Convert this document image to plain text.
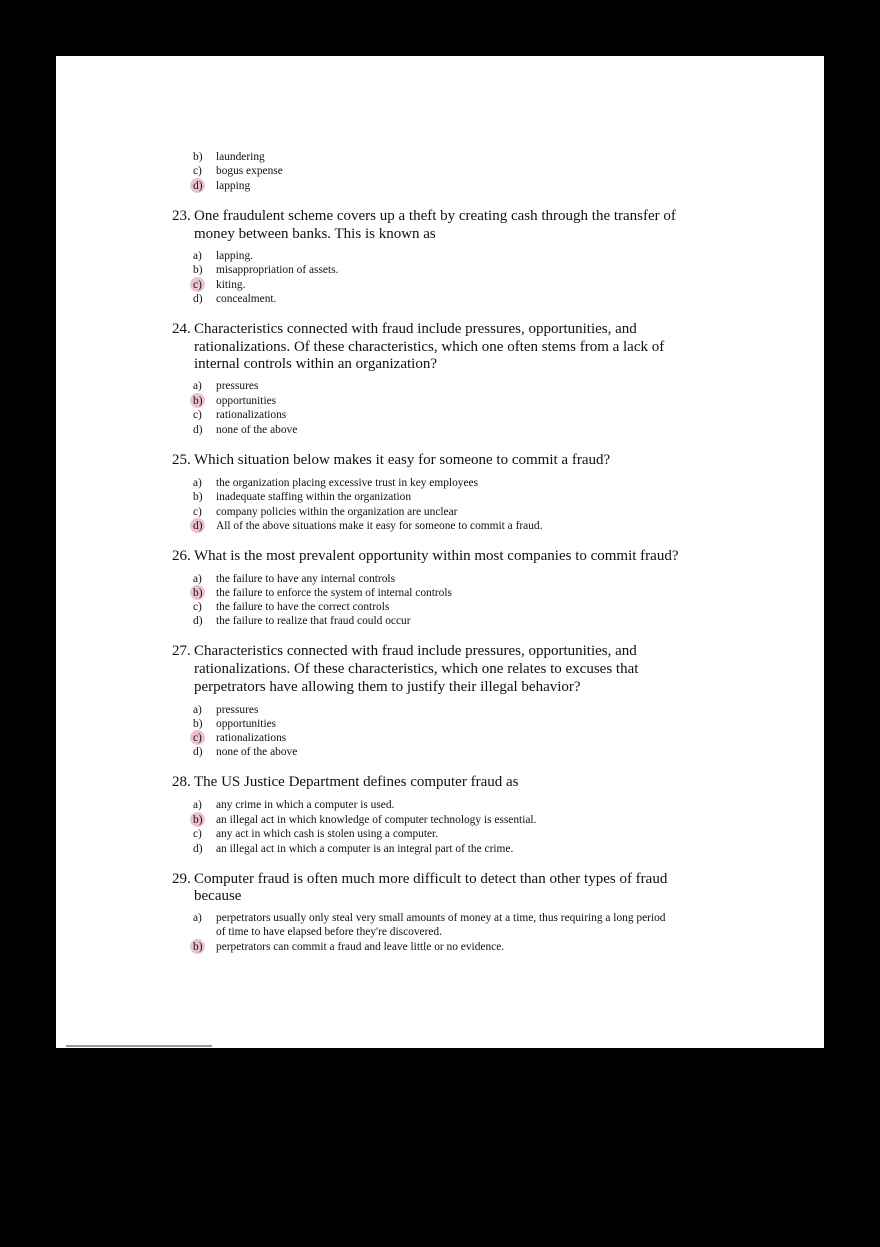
b) laundering
c) bogus expense
d) lapping
23. One fraudulent scheme covers up a theft by creating cash through the transfer of
money between banks. This is known as
a) lapping.
b) misappropriation of assets.
c) kiting.
d) concealment.
24. Characteristics connected with fraud include pressures, opportunities, and
rationalizations. Of these characteristics, which one often stems from a lack of
internal controls within an organization?
a) pressures
b) opportunities
c) rationalizations
d) none of the above
25. Which situation below makes it easy for someone to commit a fraud?
a) the organization placing excessive trust in key employees
b) inadequate staffing within the organization
c) company policies within the organization are unclear
d) All of the above situations make it easy for someone to commit a fraud.
26. What is the most prevalent opportunity within most companies to commit fraud?
a) the failure to have any internal controls
b) the failure to enforce the system of internal controls
c) the failure to have the correct controls
d) the failure to realize that fraud could occur
27. Characteristics connected with fraud include pressures, opportunities, and
rationalizations. Of these characteristics, which one relates to excuses that
perpetrators have allowing them to justify their illegal behavior?
a) pressures
b) opportunities
c) rationalizations
d) none of the above
28. The US Justice Department defines computer fraud as
a) any crime in which a computer is used.
b) an illegal act in which knowledge of computer technology is essential.
c) any act in which cash is stolen using a computer.
d) an illegal act in which a computer is an integral part of the crime.
29. Computer fraud is often much more difficult to detect than other types of fraud
because
a) perpetrators usually only steal very small amounts of money at a time, thus requiring a long period
of time to have elapsed before they're discovered.
b) perpetrators can commit a fraud and leave little or no evidence.
